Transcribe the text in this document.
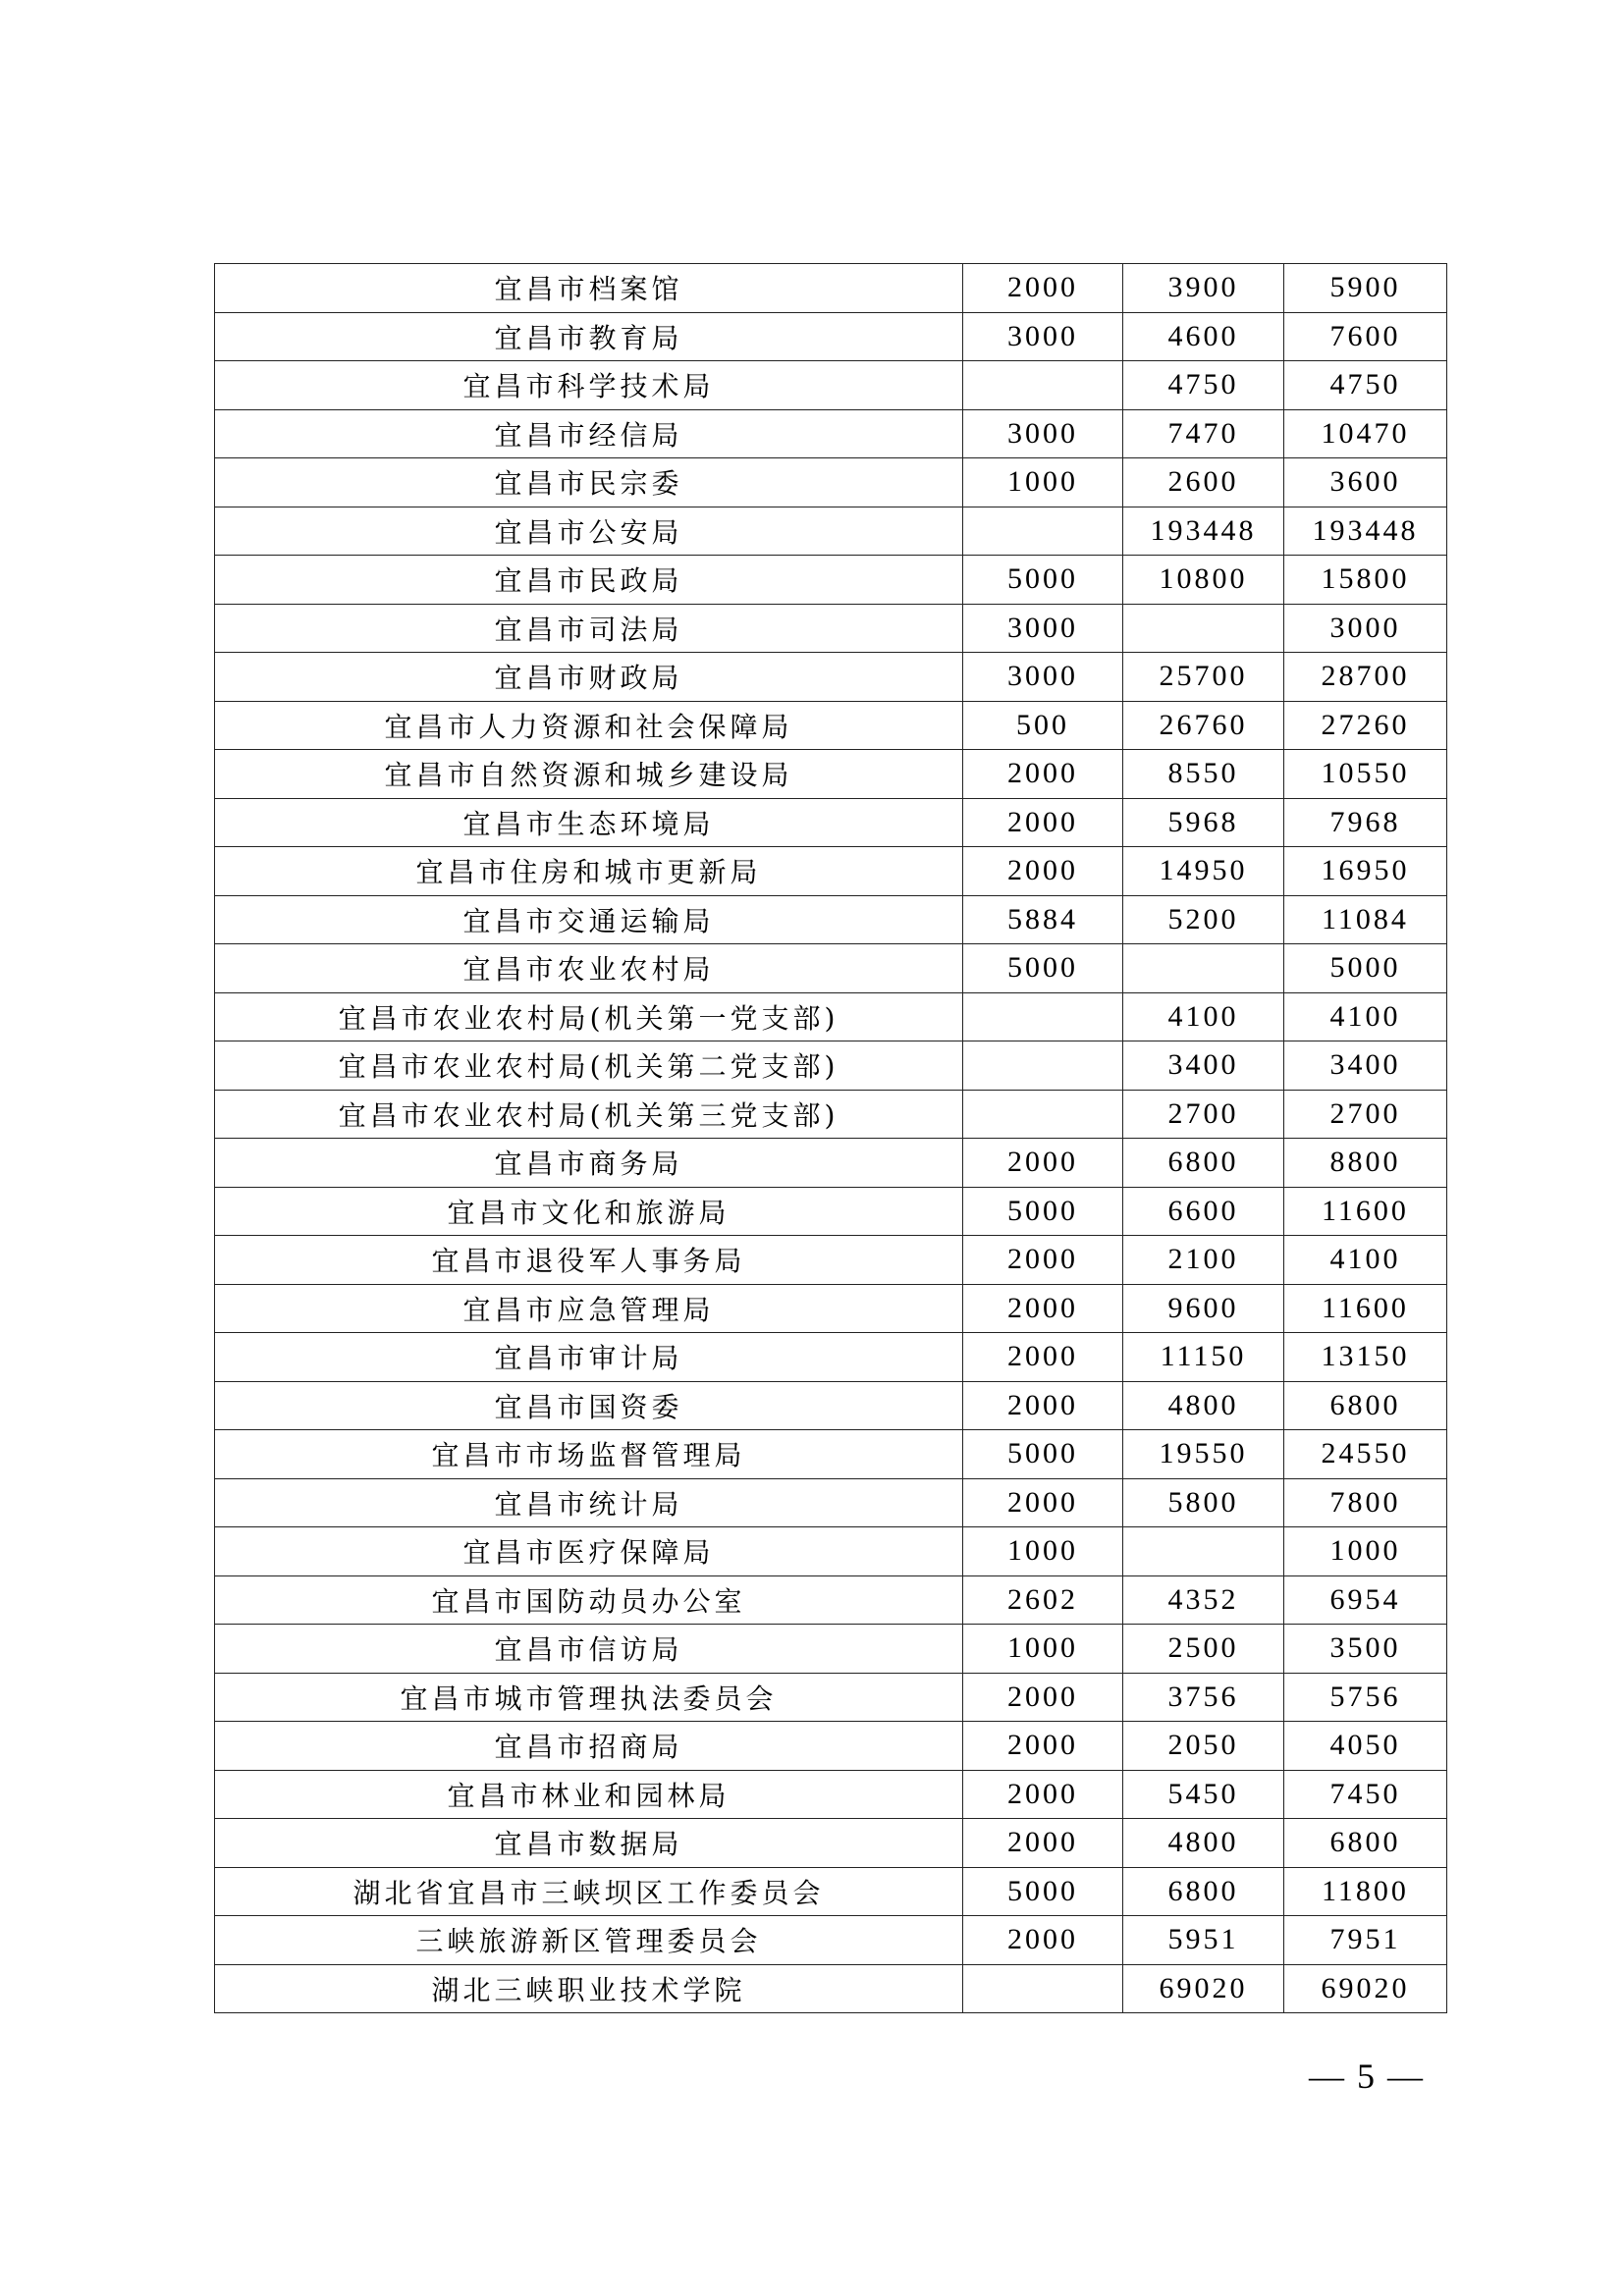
宜昌市档案馆	2000	3900	5900
宜昌市教育局	3000	4600	7600
宜昌市科学技术局		4750	4750
宜昌市经信局	3000	7470	10470
宜昌市民宗委	1000	2600	3600
宜昌市公安局		193448	193448
宜昌市民政局	5000	10800	15800
宜昌市司法局	3000		3000
宜昌市财政局	3000	25700	28700
宜昌市人力资源和社会保障局	500	26760	27260
宜昌市自然资源和城乡建设局	2000	8550	10550
宜昌市生态环境局	2000	5968	7968
宜昌市住房和城市更新局	2000	14950	16950
宜昌市交通运输局	5884	5200	11084
宜昌市农业农村局	5000		5000
宜昌市农业农村局(机关第一党支部)		4100	4100
宜昌市农业农村局(机关第二党支部)		3400	3400
宜昌市农业农村局(机关第三党支部)		2700	2700
宜昌市商务局	2000	6800	8800
宜昌市文化和旅游局	5000	6600	11600
宜昌市退役军人事务局	2000	2100	4100
宜昌市应急管理局	2000	9600	11600
宜昌市审计局	2000	11150	13150
宜昌市国资委	2000	4800	6800
宜昌市市场监督管理局	5000	19550	24550
宜昌市统计局	2000	5800	7800
宜昌市医疗保障局	1000		1000
宜昌市国防动员办公室	2602	4352	6954
宜昌市信访局	1000	2500	3500
宜昌市城市管理执法委员会	2000	3756	5756
宜昌市招商局	2000	2050	4050
宜昌市林业和园林局	2000	5450	7450
宜昌市数据局	2000	4800	6800
湖北省宜昌市三峡坝区工作委员会	5000	6800	11800
三峡旅游新区管理委员会	2000	5951	7951
湖北三峡职业技术学院		69020	69020
— 5 —
